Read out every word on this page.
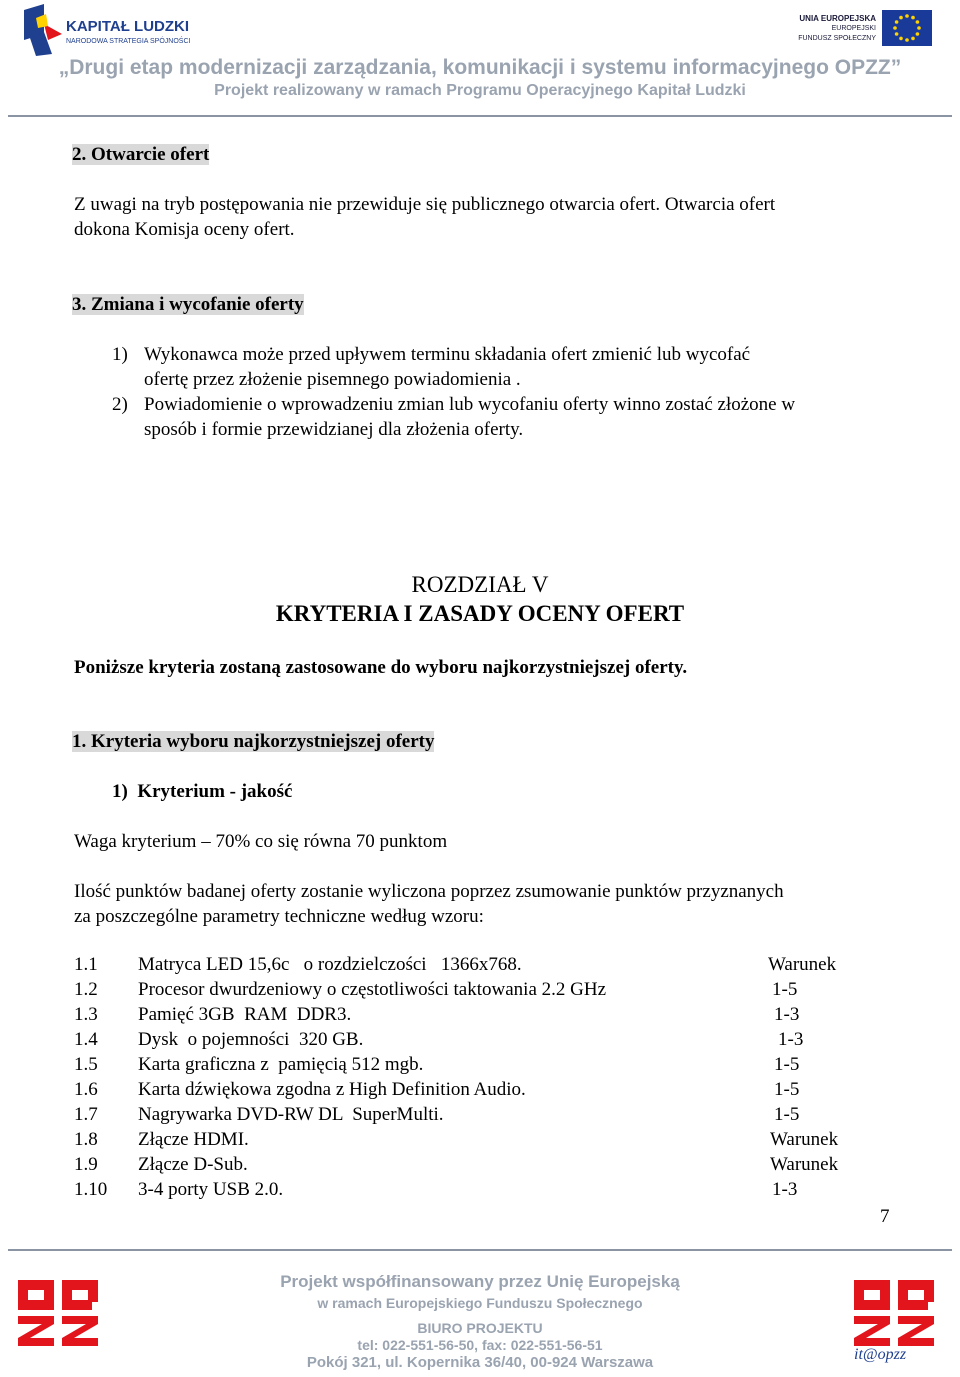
KAPITAŁ LUDZKI
NARODOWA STRATEGIA SPÓJNOŚCI
UNIA EUROPEJSKA
EUROPEJSKI
FUNDUSZ SPOŁECZNY
„Drugi etap modernizacji zarządzania, komunikacji i systemu informacyjnego OPZZ”
Projekt realizowany w ramach Programu Operacyjnego Kapitał Ludzki
2. Otwarcie ofert
Z uwagi na tryb postępowania nie przewiduje się publicznego otwarcia ofert. Otwarcia ofert
dokona Komisja oceny ofert.
3. Zmiana i wycofanie oferty
1) Wykonawca może przed upływem terminu składania ofert zmienić lub wycofać
ofertę przez złożenie pisemnego powiadomienia .
2) Powiadomienie o wprowadzeniu zmian lub wycofaniu oferty winno zostać złożone w
sposób i formie przewidzianej dla złożenia oferty.
ROZDZIAŁ V
KRYTERIA I ZASADY OCENY OFERT
Poniższe kryteria zostaną zastosowane do wyboru najkorzystniejszej oferty.
1. Kryteria wyboru najkorzystniejszej oferty
1)  Kryterium - jakość
Waga kryterium – 70% co się równa 70 punktom
Ilość punktów badanej oferty zostanie wyliczona poprzez zsumowanie punktów przyznanych
za poszczególne parametry techniczne według wzoru:
1.1 Matryca LED 15,6c   o rozdzielczości   1366x768.	Warunek
1.2 Procesor dwurdzeniowy o częstotliwości taktowania 2.2 GHz	1-5
1.3 Pamięć 3GB  RAM  DDR3.	1-3
1.4 Dysk  o pojemności  320 GB.	1-3
1.5 Karta graficzna z  pamięcią 512 mgb.	1-5
1.6 Karta dźwiękowa zgodna z High Definition Audio.	1-5
1.7 Nagrywarka DVD-RW DL  SuperMulti.	1-5
1.8 Złącze HDMI.	Warunek
1.9 Złącze D-Sub.	Warunek
1.10 3-4 porty USB 2.0.	1-3
7
Projekt współfinansowany przez Unię Europejską
w ramach Europejskiego Funduszu Społecznego
BIURO PROJEKTU
tel: 022-551-56-50, fax: 022-551-56-51
Pokój 321, ul. Kopernika 36/40, 00-924 Warszawa	it@opzz
